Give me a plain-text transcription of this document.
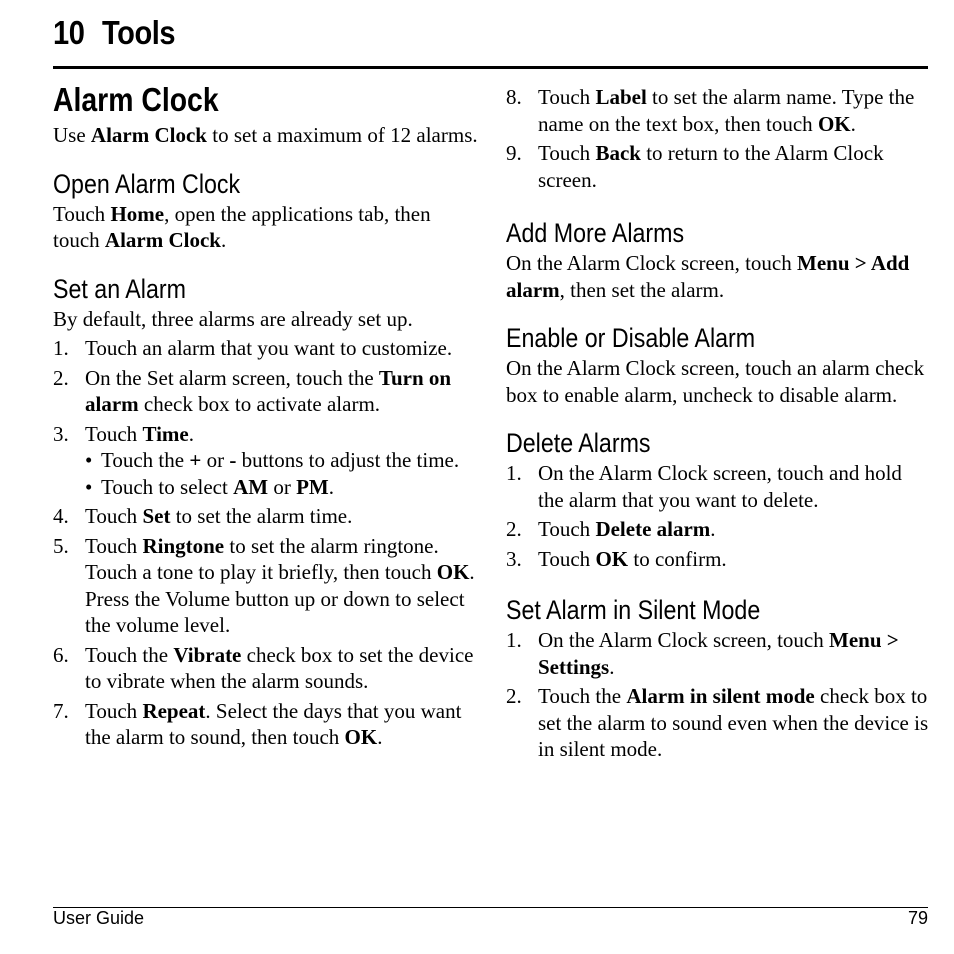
10 Tools
Alarm Clock

Use Alarm Clock to set a maximum of 12 alarms.

Open Alarm Clock

Touch Home, open the applications tab, then touch Alarm Clock.

Set an Alarm

By default, three alarms are already set up.

1. Touch an alarm that you want to customize.
2. On the Set alarm screen, touch the Turn on alarm check box to activate alarm.
3. Touch Time.
• Touch the + or - buttons to adjust the time.
• Touch to select AM or PM.
4. Touch Set to set the alarm time.
5. Touch Ringtone to set the alarm ringtone. Touch a tone to play it briefly, then touch OK. Press the Volume button up or down to select the volume level.
6. Touch the Vibrate check box to set the device to vibrate when the alarm sounds.
7. Touch Repeat. Select the days that you want the alarm to sound, then touch OK.
8. Touch Label to set the alarm name. Type the name on the text box, then touch OK.
9. Touch Back to return to the Alarm Clock screen.
Add More Alarms

On the Alarm Clock screen, touch Menu > Add alarm, then set the alarm.

Enable or Disable Alarm

On the Alarm Clock screen, touch an alarm check box to enable alarm, uncheck to disable alarm.

Delete Alarms
1. On the Alarm Clock screen, touch and hold the alarm that you want to delete.
2. Touch Delete alarm.
3. Touch OK to confirm.
Set Alarm in Silent Mode
1. On the Alarm Clock screen, touch Menu > Settings.
2. Touch the Alarm in silent mode check box to set the alarm to sound even when the device is in silent mode.
User Guide	79
